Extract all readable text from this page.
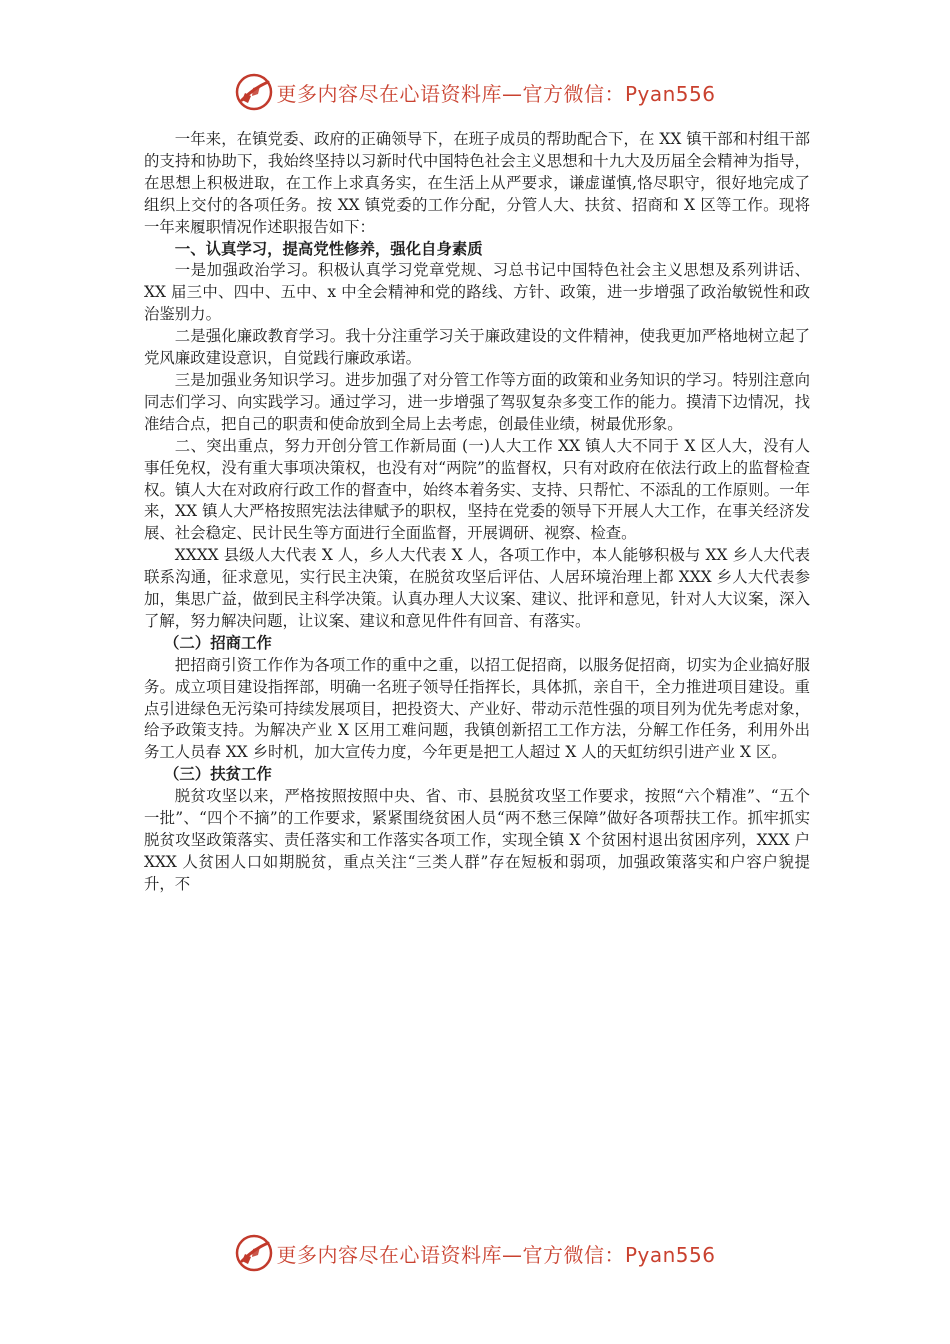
更多内容尽在心语资料库—官方微信：Pyan556

一年来，在镇党委、政府的正确领导下，在班子成员的帮助配合下，在 XX 镇干部和村组干部的支持和协助下，我始终坚持以习新时代中国特色社会主义思想和十九大及历届全会精神为指导，在思想上积极进取，在工作上求真务实，在生活上从严要求，谦虚谨慎,恪尽职守，很好地完成了组织上交付的各项任务。按 XX 镇党委的工作分配，分管人大、扶贫、招商和 X 区等工作。现将一年来履职情况作述职报告如下：

一、认真学习，提高党性修养，强化自身素质

一是加强政治学习。积极认真学习党章党规、习总书记中国特色社会主义思想及系列讲话、XX 届三中、四中、五中、x 中全会精神和党的路线、方针、政策，进一步增强了政治敏锐性和政治鉴别力。

二是强化廉政教育学习。我十分注重学习关于廉政建设的文件精神，使我更加严格地树立起了党风廉政建设意识，自觉践行廉政承诺。

三是加强业务知识学习。进步加强了对分管工作等方面的政策和业务知识的学习。特别注意向同志们学习、向实践学习。通过学习，进一步增强了驾驭复杂多变工作的能力。摸清下边情况，找准结合点，把自己的职责和使命放到全局上去考虑，创最佳业绩，树最优形象。

二、突出重点，努力开创分管工作新局面 (一)人大工作 XX 镇人大不同于 X 区人大，没有人事任免权，没有重大事项决策权，也没有对“两院”的监督权，只有对政府在依法行政上的监督检查权。镇人大在对政府行政工作的督查中，始终本着务实、支持、只帮忙、不添乱的工作原则。一年来，XX 镇人大严格按照宪法法律赋予的职权，坚持在党委的领导下开展人大工作，在事关经济发展、社会稳定、民计民生等方面进行全面监督，开展调研、视察、检查。

XXXX 县级人大代表 X 人，乡人大代表 X 人，各项工作中，本人能够积极与 XX 乡人大代表联系沟通，征求意见，实行民主决策，在脱贫攻坚后评估、人居环境治理上都 XXX 乡人大代表参加，集思广益，做到民主科学决策。认真办理人大议案、建议、批评和意见，针对人大议案，深入了解，努力解决问题，让议案、建议和意见件件有回音、有落实。

（二）招商工作

把招商引资工作作为各项工作的重中之重，以招工促招商，以服务促招商，切实为企业搞好服务。成立项目建设指挥部，明确一名班子领导任指挥长，具体抓，亲自干，全力推进项目建设。重点引进绿色无污染可持续发展项目，把投资大、产业好、带动示范性强的项目列为优先考虑对象，给予政策支持。为解决产业 X 区用工难问题，我镇创新招工工作方法，分解工作任务，利用外出务工人员春 XX 乡时机，加大宣传力度，今年更是把工人超过 X 人的天虹纺织引进产业 X 区。

（三）扶贫工作

脱贫攻坚以来，严格按照按照中央、省、市、县脱贫攻坚工作要求，按照“六个精准”、“五个一批”、“四个不摘”的工作要求，紧紧围绕贫困人员“两不愁三保障”做好各项帮扶工作。抓牢抓实脱贫攻坚政策落实、责任落实和工作落实各项工作，实现全镇 X 个贫困村退出贫困序列，XXX 户 XXX 人贫困人口如期脱贫，重点关注“三类人群”存在短板和弱项，加强政策落实和户容户貌提升，不

更多内容尽在心语资料库—官方微信：Pyan556
